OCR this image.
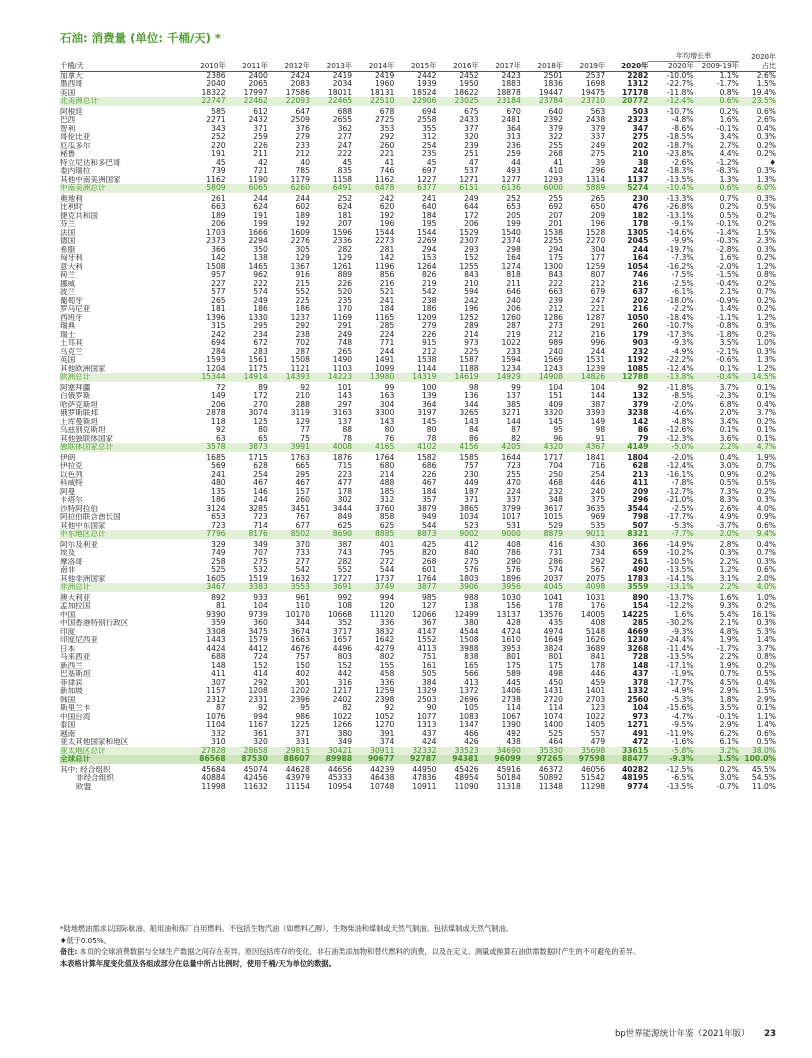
石油: 消费量 (单位: 千桶/天) *
												年均增长率		2020年
千桶/天	2010年	2011年	2012年	2013年	2014年	2015年	2016年	2017年	2018年	2019年	2020年	2020年	2009-19年	占比
加拿大	2386	2400	2424	2419	2419	2442	2452	2423	2501	2537	2282	-10.0%	1.1%	2.6%
墨西哥	2040	2065	2083	2034	1960	1939	1950	1883	1836	1698	1312	-22.7%	-1.7%	1.5%
美国	18322	17997	17586	18011	18131	18524	18622	18878	19447	19475	17178	-11.8%	0.8%	19.4%
北美洲总计	22747	22462	22093	22465	22510	22906	23025	23184	23784	23710	20772	-12.4%	0.6%	23.5%
阿根廷	585	612	647	688	678	694	675	670	640	563	503	-10.7%	0.2%	0.6%
巴西	2271	2432	2509	2655	2725	2558	2433	2481	2392	2438	2323	-4.8%	1.6%	2.6%
智利	343	371	376	362	353	355	377	364	379	379	347	-8.6%	-0.1%	0.4%
哥伦比亚	252	259	279	277	292	312	320	313	322	337	275	-18.5%	3.4%	0.3%
厄瓜多尔	220	226	233	247	260	254	239	236	255	249	202	-18.7%	2.7%	0.2%
秘鲁	191	211	212	222	221	235	251	259	268	275	210	-23.8%	4.4%	0.2%
特立尼达和多巴哥	45	42	40	45	41	45	47	44	41	39	38	-2.6%	-1.2%	♦
委内瑞拉	739	721	785	835	746	697	537	493	410	296	242	-18.3%	-8.3%	0.3%
其他中南美洲国家	1162	1190	1179	1158	1162	1227	1271	1277	1293	1314	1137	-13.5%	1.3%	1.3%
中南美洲总计	5809	6065	6260	6491	6478	6377	6151	6136	6000	5889	5274	-10.4%	0.6%	6.0%
奥地利	261	244	244	252	242	241	249	252	255	265	230	-13.3%	0.7%	0.3%
比利时	663	624	602	624	620	640	644	653	692	650	476	-26.8%	0.2%	0.5%
捷克共和国	189	191	189	181	192	184	172	205	207	209	182	-13.1%	0.5%	0.2%
芬兰	206	199	192	207	196	195	206	199	201	196	178	-9.1%	-0.1%	0.2%
法国	1703	1666	1609	1596	1544	1544	1529	1540	1538	1528	1305	-14.6%	-1.4%	1.5%
德国	2373	2294	2276	2336	2273	2269	2307	2374	2255	2270	2045	-9.9%	-0.3%	2.3%
希腊	366	350	305	282	281	294	293	298	294	304	244	-19.7%	-2.8%	0.3%
匈牙利	142	138	129	129	142	153	152	164	175	177	164	-7.3%	1.6%	0.2%
意大利	1508	1465	1367	1261	1196	1264	1255	1274	1300	1259	1054	-16.2%	-2.0%	1.2%
荷兰	957	962	916	889	856	826	843	818	843	807	746	-7.5%	-1.5%	0.8%
挪威	227	222	215	226	216	219	210	211	222	212	216	-2.5%	-0.4%	0.2%
波兰	577	574	552	520	521	542	594	646	663	679	637	-6.1%	2.1%	0.7%
葡萄牙	265	249	225	235	241	238	242	240	239	247	202	-18.0%	-0.9%	0.2%
罗马尼亚	181	186	186	170	184	186	196	206	212	221	216	-2.2%	1.4%	0.2%
西班牙	1396	1330	1237	1169	1165	1209	1252	1260	1286	1287	1050	-18.4%	-1.1%	1.2%
瑞典	315	295	292	291	285	279	289	287	273	291	260	-10.7%	-0.8%	0.3%
瑞士	242	234	238	249	224	226	214	219	212	216	179	-17.3%	-1.8%	0.2%
土耳其	694	672	702	748	771	915	973	1022	989	996	903	-9.3%	3.5%	1.0%
乌克兰	284	283	287	265	244	212	225	233	240	244	232	-4.9%	-2.1%	0.3%
英国	1593	1561	1508	1490	1491	1538	1587	1594	1569	1531	1192	-22.2%	-0.6%	1.3%
其他欧洲国家	1204	1175	1121	1103	1099	1144	1188	1234	1243	1239	1085	-12.4%	0.1%	1.2%
欧洲总计	15344	14914	14393	14223	13980	14319	14619	14929	14908	14826	12788	-13.8%	-0.4%	14.5%
阿塞拜疆	72	89	92	101	99	100	98	99	104	104	92	-11.8%	3.7%	0.1%
白俄罗斯	149	172	210	143	163	139	136	137	151	144	132	-8.5%	-2.3%	0.1%
哈萨克斯坦	206	270	288	297	304	364	344	385	409	387	379	-2.0%	6.8%	0.4%
俄罗斯联邦	2878	3074	3119	3163	3300	3197	3265	3271	3320	3393	3238	-4.6%	2.0%	3.7%
土库曼斯坦	118	125	129	137	143	145	143	144	145	149	142	-4.8%	3.4%	0.2%
乌兹别克斯坦	92	80	77	88	80	80	84	87	95	98	86	-12.6%	0.1%	0.1%
其他独联体国家	63	65	75	78	76	78	86	82	96	91	79	-12.3%	3.6%	0.1%
独联体国家总计	3578	3873	3991	4008	4165	4102	4156	4205	4320	4367	4149	-5.0%	2.2%	4.7%
伊朗	1685	1715	1763	1876	1764	1582	1585	1644	1717	1841	1804	-2.0%	0.4%	1.9%
伊拉克	569	628	665	715	680	686	757	723	704	716	628	-12.4%	3.0%	0.7%
以色列	241	254	295	223	214	226	230	255	250	254	213	-16.1%	0.9%	0.2%
科威特	480	467	467	477	488	467	449	470	468	446	411	-7.8%	0.5%	0.5%
阿曼	135	146	157	178	185	184	187	224	232	240	209	-12.7%	7.3%	0.2%
卡塔尔	186	244	260	302	312	357	371	337	348	375	296	-21.0%	8.3%	0.3%
沙特阿拉伯	3124	3285	3451	3444	3760	3879	3865	3799	3617	3635	3544	-2.5%	2.6%	4.0%
阿拉伯联合酋长国	653	723	767	849	858	949	1034	1017	1015	969	798	-17.7%	4.9%	0.9%
其他中东国家	723	714	677	625	625	544	523	531	529	535	507	-5.3%	-3.7%	0.6%
中东地区总计	7796	8176	8502	8690	8885	8873	9002	9000	8879	9011	8321	-7.7%	2.0%	9.4%
阿尔及利亚	329	349	370	387	401	425	412	408	416	430	366	-14.9%	2.8%	0.4%
埃及	749	707	733	743	795	820	840	786	731	734	659	-10.2%	0.3%	0.7%
摩洛哥	258	275	277	282	272	268	275	290	286	292	261	-10.5%	2.2%	0.3%
南非	525	532	542	552	544	601	576	576	574	567	490	-13.5%	1.2%	0.6%
其他非洲国家	1605	1519	1632	1727	1737	1764	1803	1896	2037	2075	1783	-14.1%	3.1%	2.0%
非洲总计	3467	3383	3553	3691	3749	3877	3906	3956	4045	4098	3559	-13.1%	2.2%	4.0%
澳大利亚	892	933	961	992	994	985	988	1030	1041	1031	890	-13.7%	1.6%	1.0%
孟加拉国	81	104	110	108	120	127	138	156	178	176	154	-12.2%	9.3%	0.2%
中国	9390	9739	10170	10668	11120	12066	12499	13137	13576	14005	14225	1.6%	5.4%	16.1%
中国香港特别行政区	359	360	344	352	336	367	380	428	435	408	285	-30.2%	2.1%	0.3%
印度	3308	3475	3674	3717	3832	4147	4544	4724	4974	5148	4669	-9.3%	4.8%	5.3%
印度尼西亚	1443	1579	1663	1657	1642	1552	1508	1610	1649	1626	1230	-24.4%	1.9%	1.4%
日本	4424	4412	4676	4496	4279	4113	3988	3953	3824	3689	3268	-11.4%	-1.7%	3.7%
马来西亚	688	724	757	803	802	751	838	801	801	841	728	-13.5%	2.2%	0.8%
新西兰	148	152	150	152	155	161	165	175	175	178	148	-17.1%	1.9%	0.2%
巴基斯坦	411	414	402	442	458	505	566	589	498	446	437	-1.9%	0.7%	0.5%
菲律宾	307	292	301	316	336	384	413	445	450	459	378	-17.7%	4.5%	0.4%
新加坡	1157	1208	1202	1217	1259	1329	1372	1406	1431	1401	1332	-4.9%	2.9%	1.5%
韩国	2312	2331	2396	2402	2398	2503	2696	2738	2720	2703	2560	-5.3%	1.8%	2.9%
斯里兰卡	87	92	95	82	92	90	105	114	114	123	104	-15.6%	3.5%	0.1%
中国台湾	1076	994	986	1022	1052	1077	1083	1067	1074	1022	973	-4.7%	-0.1%	1.1%
泰国	1104	1167	1225	1266	1270	1313	1347	1390	1400	1405	1271	-9.5%	2.9%	1.4%
越南	332	361	371	380	391	437	466	492	525	557	491	-11.9%	6.2%	0.6%
亚太其他国家和地区	310	320	331	349	374	424	426	438	464	479	472	-1.6%	6.1%	0.5%
亚太地区总计	27828	28658	29815	30421	30911	32332	33523	34690	35330	35698	33615	-5.8%	3.2%	38.0%
全球总计	86568	87530	88607	89988	90677	92787	94381	96099	97265	97598	88477	-9.3%	1.5%	100.0%
其中: 经合组织	45684	45074	44628	44656	44239	44950	45426	45916	46372	46056	40282	-12.5%	0.2%	45.5%
非经合组织	40884	42456	43979	45333	46438	47836	48954	50184	50892	51542	48195	-6.5%	3.0%	54.5%
欧盟	11998	11632	11154	10954	10748	10911	11090	11318	11348	11298	9774	-13.5%	-0.7%	11.0%
*陆地燃油需求以国际航油、船用油和炼厂自用燃料。不包括生物汽油（如燃料乙醇）、生物柴油和煤制或天然气制油。包括煤制或天然气制油。
♦低于0.05%。
备注: 本页的全球消费数据与全球生产数据之间存在差异。原因包括库存的变化，非石油类添加物和替代燃料的消费，以及在定义、测量或换算石油供需数据时产生的不可避免的差异。
本表格计算年度变化值及各组成部分在总量中所占比例时，使用千桶/天为单位的数据。
bp世界能源统计年鉴（2021年版） 23
